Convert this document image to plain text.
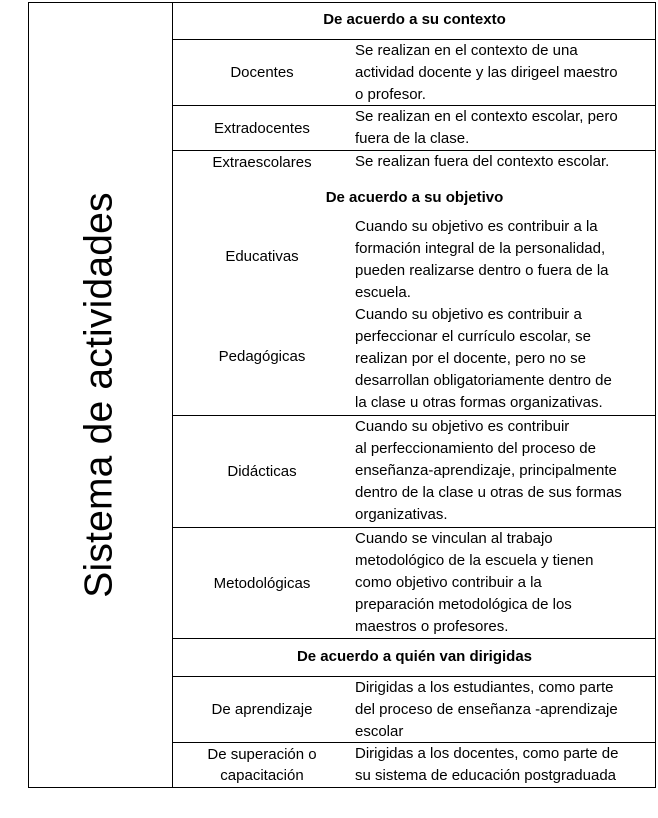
Sistema de actividades
De acuerdo a su contexto
Docentes
Se realizan en el contexto de una
actividad docente y las dirigeel maestro
o profesor.
Extradocentes
Se realizan en el contexto escolar, pero
fuera de la clase.
Extraescolares	Se realizan fuera del contexto escolar.
De acuerdo a su objetivo
Educativas
Cuando su objetivo es contribuir a la
formación integral de la personalidad,
pueden realizarse dentro o fuera de la
escuela.
Pedagógicas
Cuando su objetivo es contribuir a
perfeccionar el currículo escolar, se
realizan por el docente, pero no se
desarrollan obligatoriamente dentro de
la clase u otras formas organizativas.
Didácticas
Cuando su objetivo es contribuir
al perfeccionamiento del proceso de
enseñanza-aprendizaje, principalmente
dentro de la clase u otras de sus formas
organizativas.
Metodológicas
Cuando se vinculan al trabajo
metodológico de la escuela y tienen
como objetivo contribuir a la
preparación metodológica de los
maestros o profesores.
De acuerdo a quién van dirigidas
De aprendizaje
Dirigidas a los estudiantes, como parte
del proceso de enseñanza -aprendizaje
escolar
De superación o
capacitación
Dirigidas a los docentes, como parte de
su sistema de educación postgraduada
